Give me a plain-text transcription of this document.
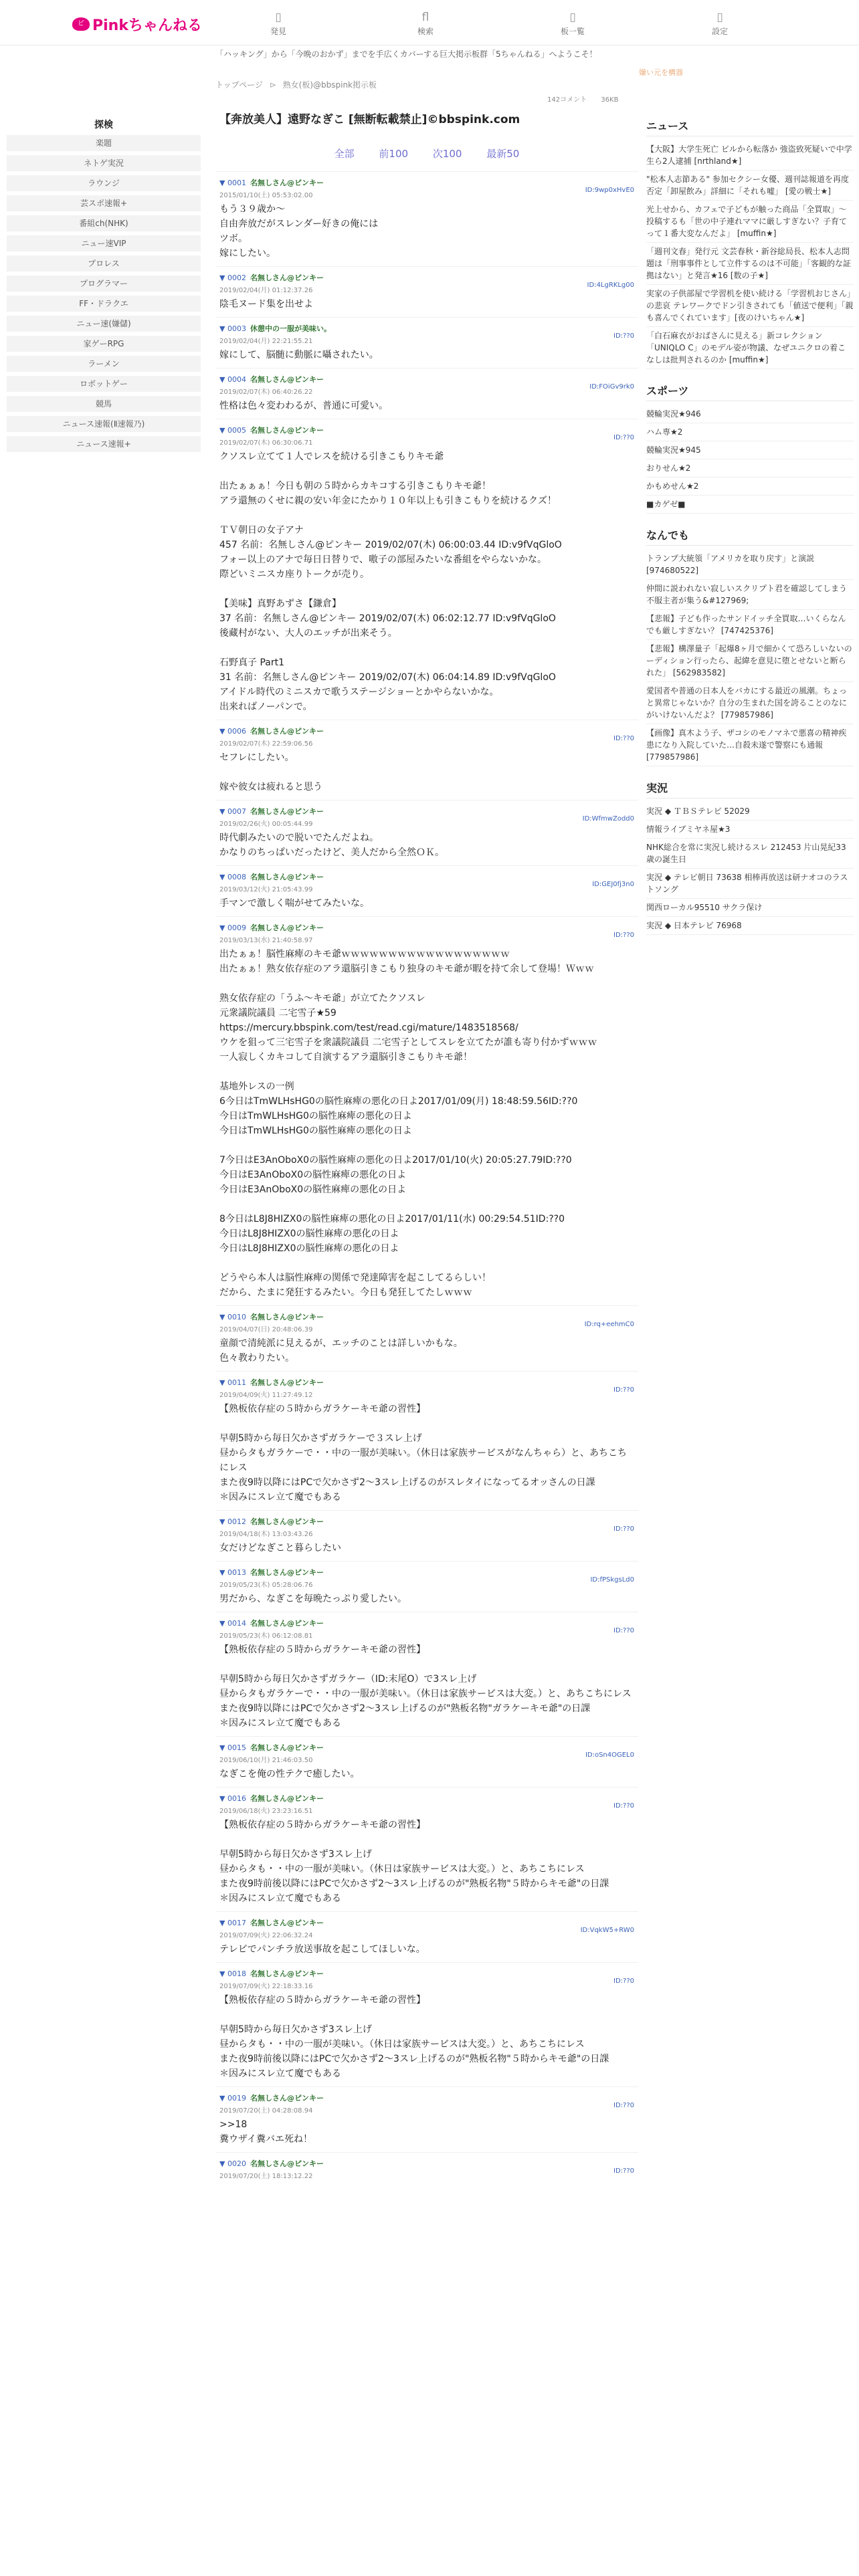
ピ Pinkちゃんねる	▯
発見
fl
検索
▯
板一覧
▯
設定
「ハッキング」から「今晩のおかず」までを手広くカバーする巨大掲示板群「5ちゃんねる」へようこそ！
嫌い元を構器
トップページ ⊳ 熟女(板)@bbspink掲示板
142コメント 36KB
探検
楽題
ネトゲ実況
ラウンジ
芸スポ速報+
番組ch(NHK)
ニュー速VIP
プロレス
プログラマー
FF・ドラクエ
ニュー速(嫌儲)
家ゲーRPG
ラーメン
ロボットゲー
競馬
ニュース速報(Ⅱ速報乃)
ニュース速報+
【奔放美人】遠野なぎこ [無断転載禁止]©bbspink.com
全部 前100 次100 最新50
▼ 0001 名無しさん@ピンキー
2015/01/10(土) 05:53:02.00
ID:9wp0xHvE0
もう３９歳か〜
自由奔放だがスレンダー好きの俺には
ツボ。
嫁にしたい。
▼ 0002 名無しさん@ピンキー
2019/02/04(月) 01:12:37.26
ID:4LgRKLg00
陰毛ヌード集を出せよ
▼ 0003 休憩中の一服が美味い。
2019/02/04(月) 22:21:55.21
ID:??0
嫁にして、脳髄に動脈に囁されたい。
▼ 0004 名無しさん@ピンキー
2019/02/07(木) 06:40:26.22
ID:FOiGv9rk0
性格は色々変わわるが、普通に可愛い。
▼ 0005 名無しさん@ピンキー
2019/02/07(木) 06:30:06.71
ID:??0
クソスレ立てて１人でレスを続ける引きこもりキモ爺

出たぁぁぁ！今日も朝の５時からカキコする引きこもりキモ爺！
アラ還無のくせに親の安い年金にたかり１０年以上も引きこもりを続けるクズ！

ＴＶ朝日の女子アナ
457 名前：名無しさん@ピンキー 2019/02/07(木) 06:00:03.44 ID:v9fVqGloO
フォー以上のアナで毎日日替りで、嗷子の部屋みたいな番組をやらないかな。
際どいミニスカ座りトークが売り。

【美味】真野あずさ【鎌倉】
37 名前：名無しさん@ピンキー 2019/02/07(木) 06:02:12.77 ID:v9fVqGloO
後藏村がない、大人のエッチが出来そう。

石野真子 Part1
31 名前：名無しさん@ピンキー 2019/02/07(木) 06:04:14.89 ID:v9fVqGloO
アイドル時代のミニスカで歌うステージショーとかやらないかな。
出来ればノーパンで。
▼ 0006 名無しさん@ピンキー
2019/02/07(木) 22:59:06.56
ID:??0
セフレにしたい。

嫁や彼女は疲れると思う
▼ 0007 名無しさん@ピンキー
2019/02/26(火) 00:05:44.99
ID:WfmwZodd0
時代劇みたいので脱いでたんだよね。
かなりのちっぱいだったけど、美人だから全然ＯＫ。
▼ 0008 名無しさん@ピンキー
2019/03/12(火) 21:05:43.99
ID:GEJ0fj3n0
手マンで激しく喘がせてみたいな。
▼ 0009 名無しさん@ピンキー
2019/03/13(水) 21:40:58.97
ID:??0
出たぁぁ！脳性麻痺のキモ爺ｗｗｗｗｗｗｗｗｗｗｗｗｗｗｗｗｗｗ
出たぁぁ！熟女依存症のアラ還脳引きこもり独身のキモ爺が暇を持て余して登場！Ｗｗｗ

熟女依存症の「うふ〜キモ爺」が立てたクソスレ
元衆議院議員 二宅雪子★59
https://mercury.bbspink.com/test/read.cgi/mature/1483518568/
ウケを狙って三宅雪子を衆議院議員 二宅雪子としてスレを立てたが誰も寄り付かずｗｗｗ
一人寂しくカキコして自演するアラ還脳引きこもりキモ爺！

基地外レスの一例
6今日はTmWLHsHG0の脳性麻痺の悪化の日よ2017/01/09(月) 18:48:59.56ID:??0
今日はTmWLHsHG0の脳性麻痺の悪化の日よ
今日はTmWLHsHG0の脳性麻痺の悪化の日よ

7今日はE3AnOboX0の脳性麻痺の悪化の日よ2017/01/10(火) 20:05:27.79ID:??0
今日はE3AnOboX0の脳性麻痺の悪化の日よ
今日はE3AnOboX0の脳性麻痺の悪化の日よ

8今日はL8J8HIZX0の脳性麻痺の悪化の日よ2017/01/11(水) 00:29:54.51ID:??0
今日はL8J8HIZX0の脳性麻痺の悪化の日よ
今日はL8J8HIZX0の脳性麻痺の悪化の日よ

どうやら本人は脳性麻痺の関係で発達障害を起こしてるらしい！
だから、たまに発狂するみたい。今日も発狂してたしｗｗｗ
▼ 0010 名無しさん@ピンキー
2019/04/07(日) 20:48:06.39
ID:rq+eehmC0
童顔で清純派に見えるが、エッチのことは詳しいかもな。
色々教わりたい。
▼ 0011 名無しさん@ピンキー
2019/04/09(火) 11:27:49.12
ID:??0
【熟板依存症の５時からガラケーキモ爺の習性】

早朝5時から毎日欠かさずガラケーで３スレ上げ
昼からタもガラケーで・・中の一服が美味い。（休日は家族サービスがなんちゃら）と、あちこちにレス
また夜9時以降にはPCで欠かさず2〜3スレ上げるのがスレタイになってるオッさんの日課
＊因みにスレ立て魔でもある
▼ 0012 名無しさん@ピンキー
2019/04/18(木) 13:03:43.26
ID:??0
女だけどなぎこと暮らしたい
▼ 0013 名無しさん@ピンキー
2019/05/23(木) 05:28:06.76
ID:fPSkgsLd0
男だから、なぎこを毎晩たっぷり愛したい。
▼ 0014 名無しさん@ピンキー
2019/05/23(木) 06:12:08.81
ID:??0
【熟板依存症の５時からガラケーキモ爺の習性】

早朝5時から毎日欠かさずガラケー（ID:末尾O）で3スレ上げ
昼からタもガラケーで・・中の一服が美味い。（休日は家族サービスは大変。）と、あちこちにレス
また夜9時以降にはPCで欠かさず2〜3スレ上げるのが"熟板名物"ガラケーキモ爺"の日課
＊因みにスレ立て魔でもある
▼ 0015 名無しさん@ピンキー
2019/06/10(月) 21:46:03.50
ID:oSn4OGEL0
なぎこを俺の性テクで癒したい。
▼ 0016 名無しさん@ピンキー
2019/06/18(火) 23:23:16.51
ID:??0
【熟板依存症の５時からガラケーキモ爺の習性】

早朝5時から毎日欠かさず3スレ上げ
昼からタも・・中の一服が美味い。（休日は家族サービスは大変。）と、あちこちにレス
また夜9時前後以降にはPCで欠かさず2〜3スレ上げるのが"熟板名物"５時からキモ爺"の日課
＊因みにスレ立て魔でもある
▼ 0017 名無しさん@ピンキー
2019/07/09(火) 22:06:32.24
ID:VqkW5+RW0
テレビでパンチラ放送事故を起こしてほしいな。
▼ 0018 名無しさん@ピンキー
2019/07/09(火) 22:18:33.16
ID:??0
【熟板依存症の５時からガラケーキモ爺の習性】

早朝5時から毎日欠かさず3スレ上げ
昼からタも・・中の一服が美味い。（休日は家族サービスは大変。）と、あちこちにレス
また夜9時前後以降にはPCで欠かさず2〜3スレ上げるのが"熟板名物"５時からキモ爺"の日課
＊因みにスレ立て魔でもある
▼ 0019 名無しさん@ピンキー
2019/07/20(土) 04:28:08.94
ID:??0
>>18
糞ウザイ糞バエ死ね！
▼ 0020 名無しさん@ピンキー
2019/07/20(土) 18:13:12.22
ID:??0
ニュース
【大阪】大学生死亡 ビルから転落か 強盗致死疑いで中学生ら2人逮捕 [nrthland★]
"松本人志節ある" 参加セクシー女優、週刊誌報道を再度否定「卸屋飲み」詳細に「それも嘘」 [愛の戦士★]
光上せから、カフェで子どもが触った商品「全買取」〜投稿するも「世の中子連れママに厳しすぎない？子育てって１番大変なんだよ」 [muffin★]
「週刊文春」発行元 文芸春秋・新谷総局長、松本人志問題は「刑事事件として立件するのは不可能」「客観的な証拠はない」と発言★16 [数の子★]
実家の子供部屋で学習机を使い続ける「学習机おじさん」の悲哀 テレワークでドン引きされても「値送で便利」「親も喜んでくれています」[夜のけいちゃん★]
「白石麻衣がおばさんに見える」新コレクション「UNIQLO C」のモデル姿が物議、なぜユニクロの着こなしは批判されるのか [muffin★]
スポーツ
競輪実況★946
ハム専★2
競輪実況★945
おりせん★2
かもめせん★2
■カゲゼ■
なんでも
トランプ大統領「アメリカを取り戻す」と演説 [974680522]
仲間に説われない寂しいスクリプト君を確認してしまう不服主者が集う&#127969;
【悲報】子ども作ったサンドイッチ全買取…いくらなんでも厳しすぎない？ [747425376]
【悲報】構澤量子「起爆8ヶ月で細かくて恐ろしいないのーディション行ったら、起緯を意見に堕とせないと断られた」 [562983582]
愛国者や普通の日本人をバカにする最近の風潮。ちょっと異常じゃないか？自分の生まれた国を誇ることのなにがいけないんだよ？ [779857986]
【画像】真木よう子、ザコシのモノマネで悪喜の精神疾患になり入院していた…自殺未遂で警察にも通報 [779857986]
実況
実況 ◆ ＴＢＳテレビ 52029
情報ライブミヤネ屋★3
NHK総合を常に実況し続けるスレ 212453 片山晃紀33歳の誕生日
実況 ◆ テレビ朝日 73638 相棒再放送は研ナオコのラストソング
関西ローカル95510 サクラ保け
実況 ◆ 日本テレビ 76968
